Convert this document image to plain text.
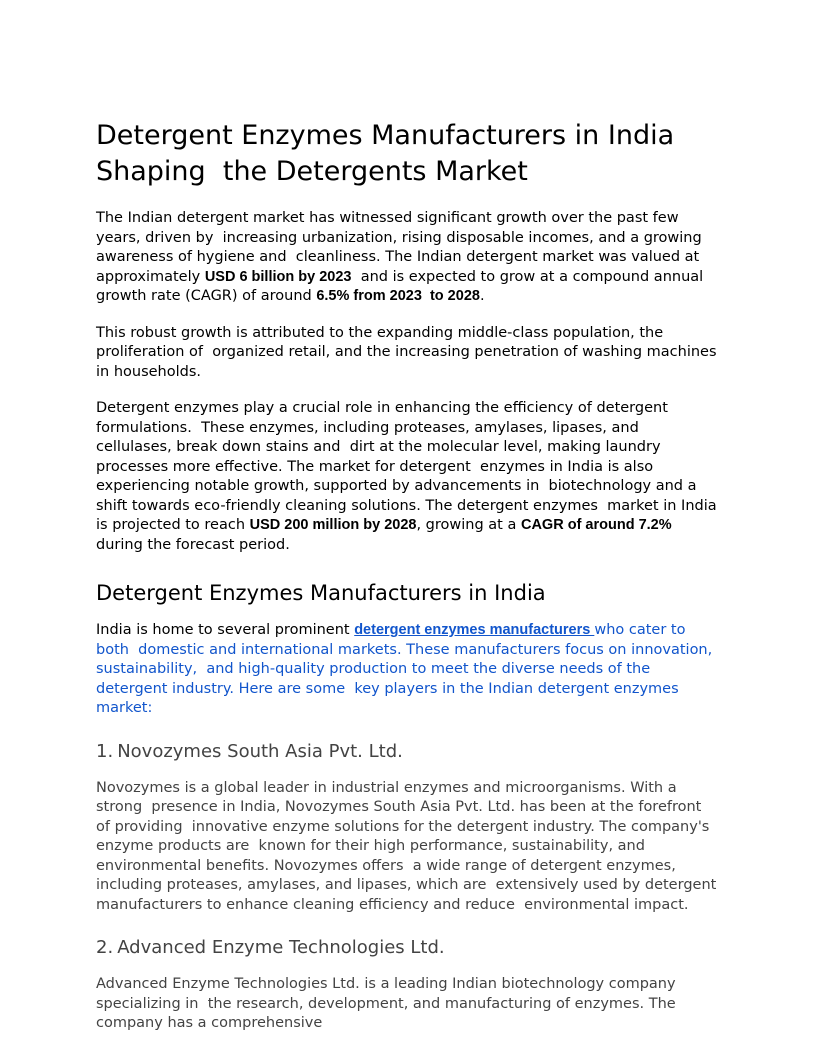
Detergent Enzymes Manufacturers in India Shaping  the Detergents Market

The Indian detergent market has witnessed significant growth over the past few years, driven by  increasing urbanization, rising disposable incomes, and a growing awareness of hygiene and  cleanliness. The Indian detergent market was valued at approximately USD 6 billion by 2023  and is expected to grow at a compound annual growth rate (CAGR) of around 6.5% from 2023  to 2028.

This robust growth is attributed to the expanding middle-class population, the proliferation of  organized retail, and the increasing penetration of washing machines in households.

Detergent enzymes play a crucial role in enhancing the efficiency of detergent formulations.  These enzymes, including proteases, amylases, lipases, and cellulases, break down stains and  dirt at the molecular level, making laundry processes more effective. The market for detergent  enzymes in India is also experiencing notable growth, supported by advancements in  biotechnology and a shift towards eco-friendly cleaning solutions. The detergent enzymes  market in India is projected to reach USD 200 million by 2028, growing at a CAGR of around 7.2% during the forecast period.

Detergent Enzymes Manufacturers in India

India is home to several prominent detergent enzymes manufacturers who cater to both  domestic and international markets. These manufacturers focus on innovation, sustainability,  and high-quality production to meet the diverse needs of the detergent industry. Here are some  key players in the Indian detergent enzymes market:

1. Novozymes South Asia Pvt. Ltd.

Novozymes is a global leader in industrial enzymes and microorganisms. With a strong  presence in India, Novozymes South Asia Pvt. Ltd. has been at the forefront of providing  innovative enzyme solutions for the detergent industry. The company's enzyme products are  known for their high performance, sustainability, and environmental benefits. Novozymes offers  a wide range of detergent enzymes, including proteases, amylases, and lipases, which are  extensively used by detergent manufacturers to enhance cleaning efficiency and reduce  environmental impact.

2. Advanced Enzyme Technologies Ltd.

Advanced Enzyme Technologies Ltd. is a leading Indian biotechnology company specializing in  the research, development, and manufacturing of enzymes. The company has a comprehensive
